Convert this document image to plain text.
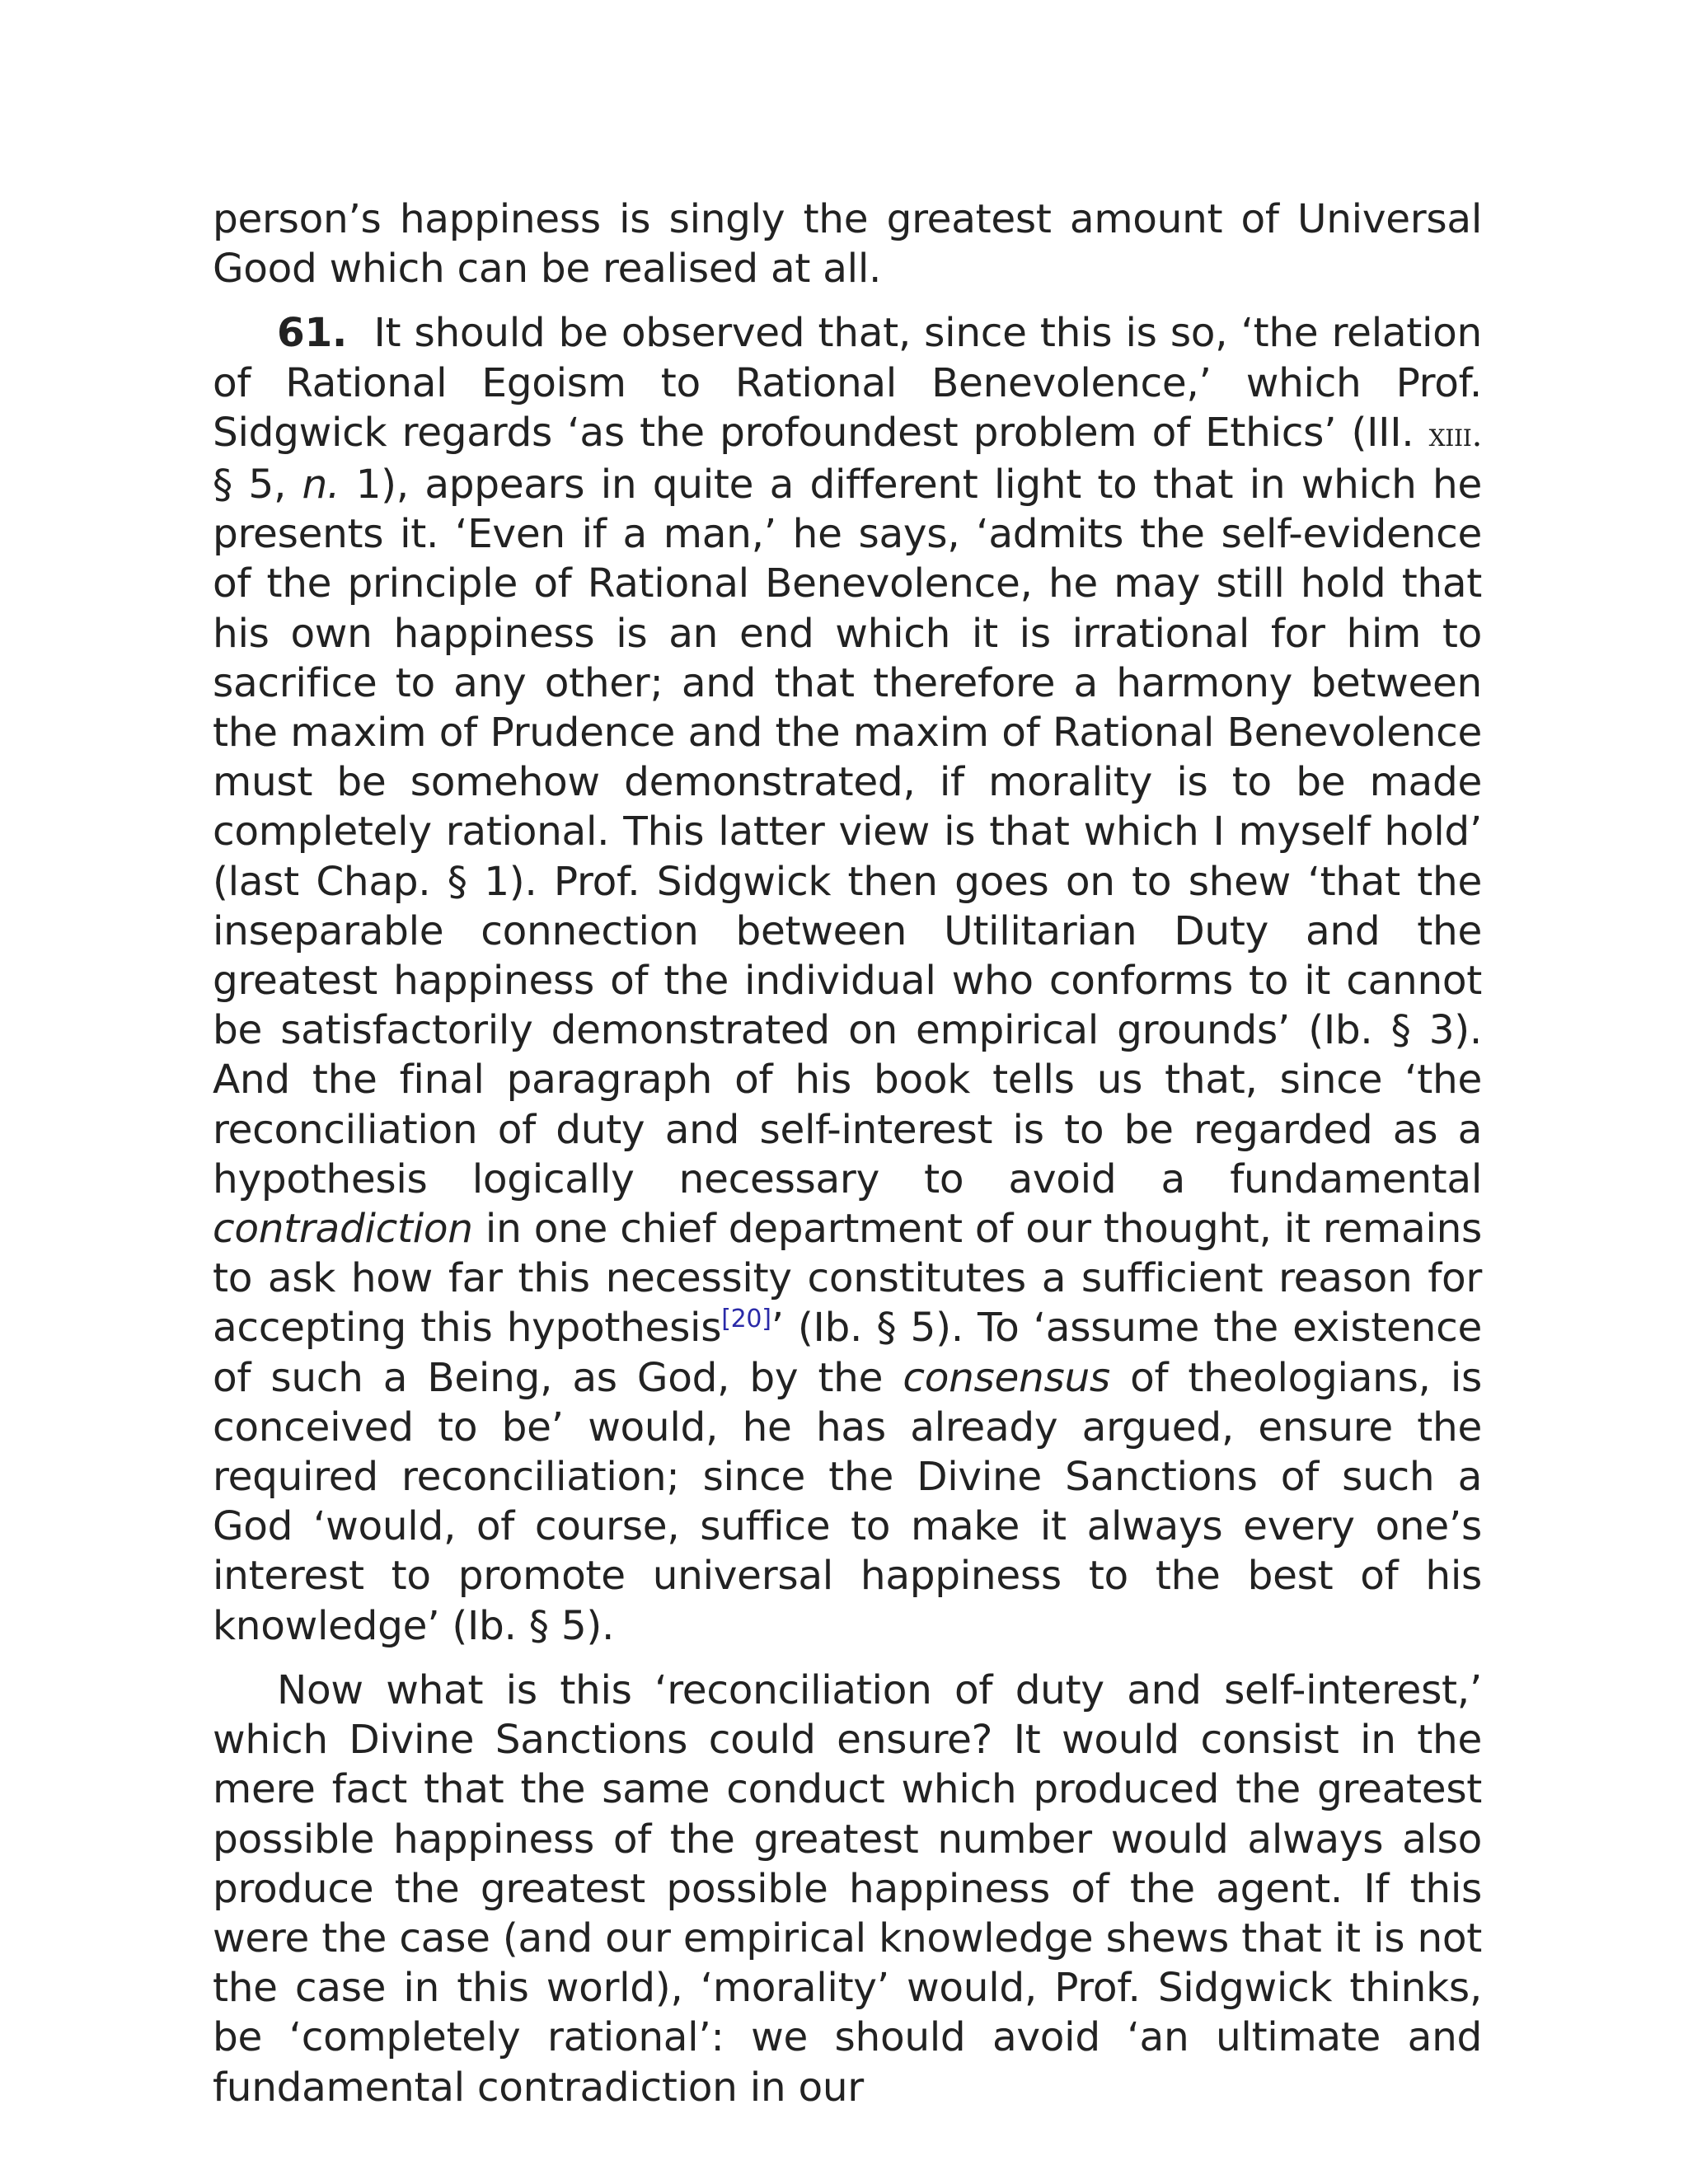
person’s happiness is singly the greatest amount of Universal Good which can be realised at all.

61. It should be observed that, since this is so, ‘the relation of Rational Egoism to Rational Benevolence,’ which Prof. Sidgwick regards ‘as the profoundest problem of Ethics’ (III. xiii. § 5, n. 1), appears in quite a different light to that in which he presents it. ‘Even if a man,’ he says, ‘admits the self-evidence of the principle of Rational Benevolence, he may still hold that his own happiness is an end which it is irrational for him to sacrifice to any other; and that therefore a harmony between the maxim of Prudence and the maxim of Rational Benevolence must be somehow demonstrated, if morality is to be made completely rational. This latter view is that which I myself hold’ (last Chap. § 1). Prof. Sidgwick then goes on to shew ‘that the inseparable connection between Utilitarian Duty and the greatest happiness of the individual who conforms to it cannot be satisfactorily demonstrated on empirical grounds’ (Ib. § 3). And the final paragraph of his book tells us that, since ‘the reconciliation of duty and self-interest is to be regarded as a hypothesis logically necessary to avoid a fundamental contradiction in one chief department of our thought, it remains to ask how far this necessity constitutes a sufficient reason for accepting this hypothesis[20]’ (Ib. § 5). To ‘assume the existence of such a Being, as God, by the consensus of theologians, is conceived to be’ would, he has already argued, ensure the required reconciliation; since the Divine Sanctions of such a God ‘would, of course, suffice to make it always every one’s interest to promote universal happiness to the best of his knowledge’ (Ib. § 5).

Now what is this ‘reconciliation of duty and self-interest,’ which Divine Sanctions could ensure? It would consist in the mere fact that the same conduct which produced the greatest possible happiness of the greatest number would always also produce the greatest possible happiness of the agent. If this were the case (and our empirical knowledge shews that it is not the case in this world), ‘morality’ would, Prof. Sidgwick thinks, be ‘completely rational’: we should avoid ‘an ultimate and fundamental contradiction in our
